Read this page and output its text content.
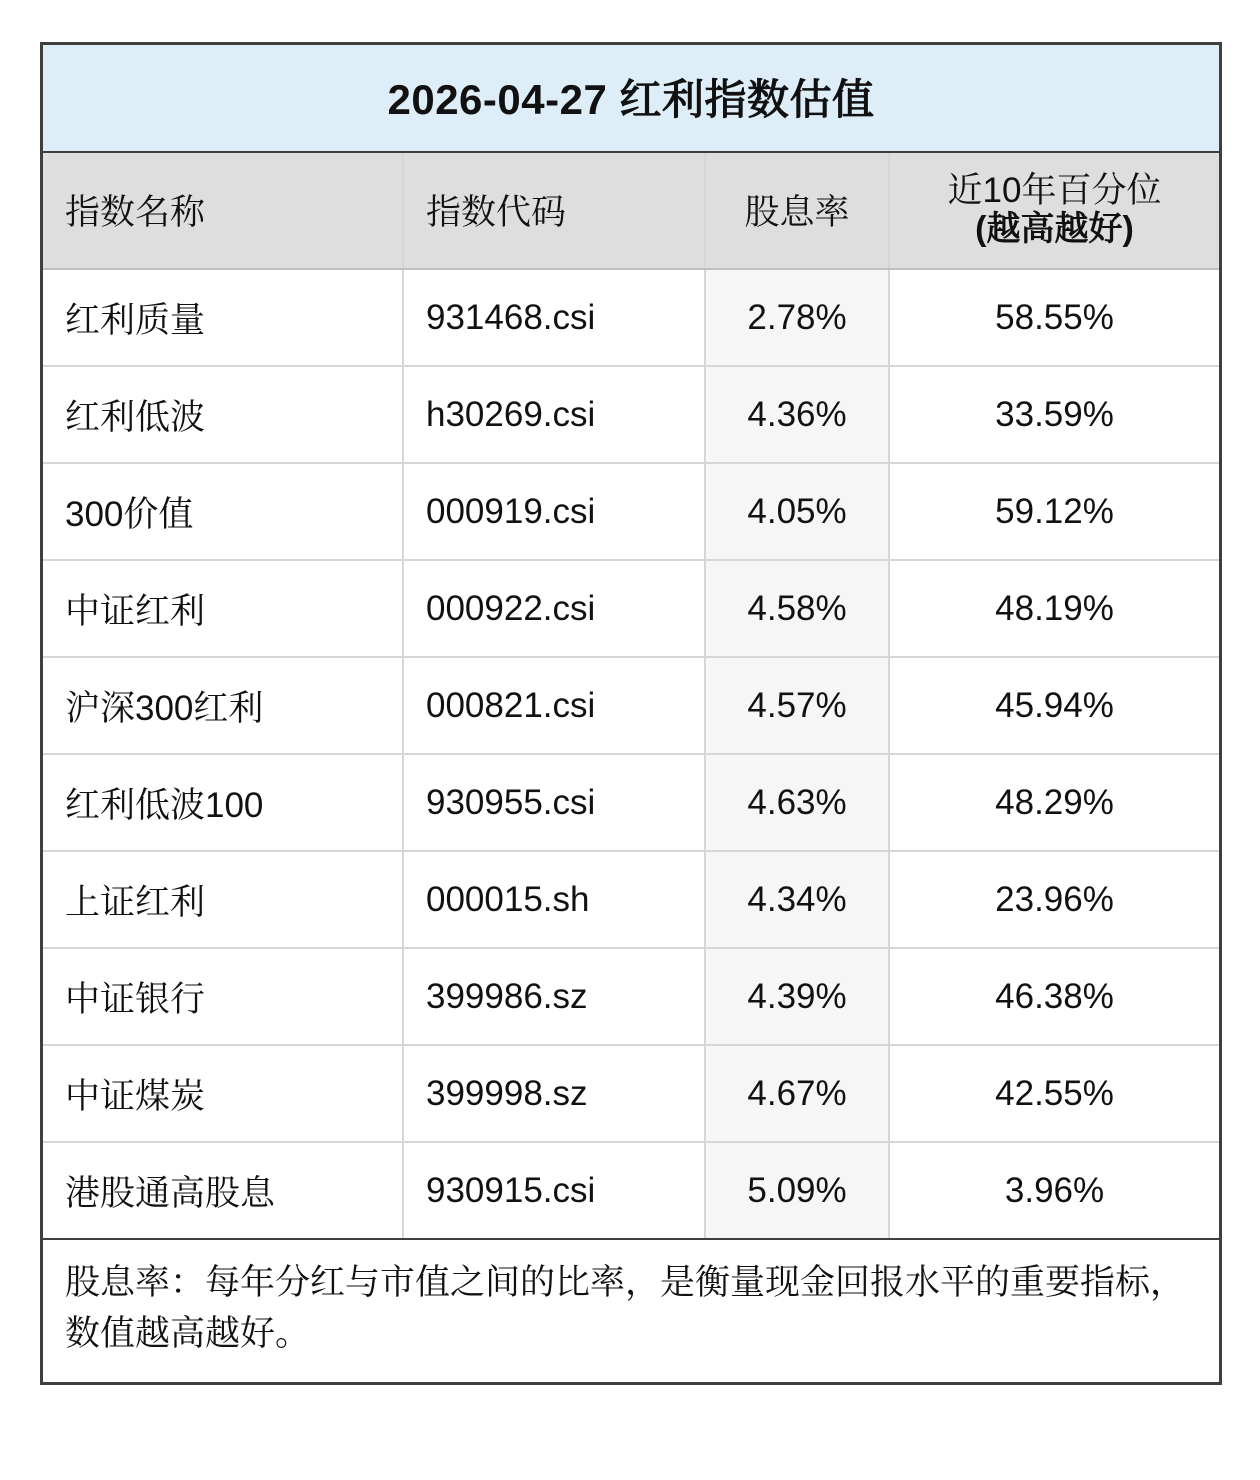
2026-04-27 红利指数估值
指数名称	指数代码	股息率	近10年百分位
(越高越好)

红利质量	931468.csi	2.78%	58.55%
红利低波	h30269.csi	4.36%	33.59%
300价值	000919.csi	4.05%	59.12%
中证红利	000922.csi	4.58%	48.19%
沪深300红利	000821.csi	4.57%	45.94%
红利低波100	930955.csi	4.63%	48.29%
上证红利	000015.sh	4.34%	23.96%
中证银行	399986.sz	4.39%	46.38%
中证煤炭	399998.sz	4.67%	42.55%
港股通高股息	930915.csi	5.09%	3.96%
股息率：每年分红与市值之间的比率，是衡量现金回报水平的重要指标，数值越高越好。
